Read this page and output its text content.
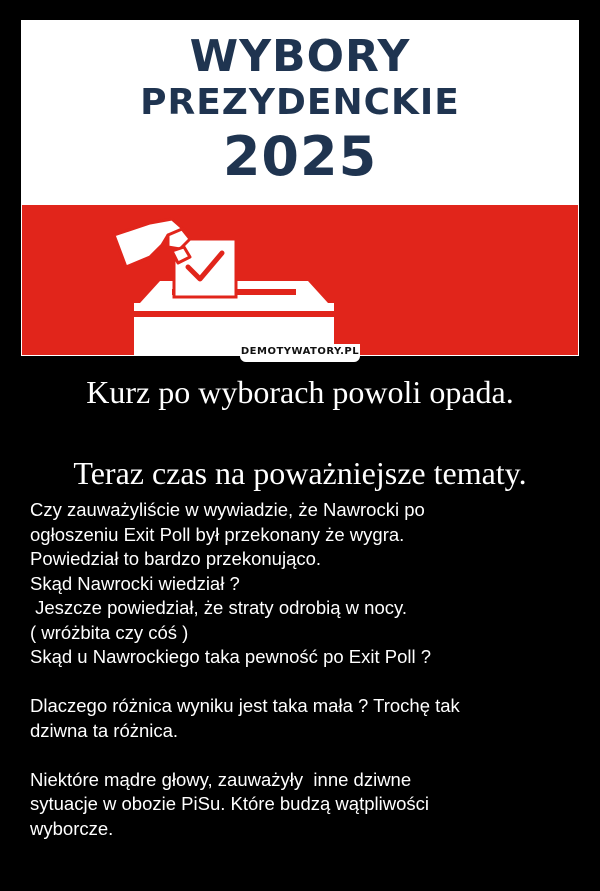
WYBORY
PREZYDENCKIE
2025
DEMOTYWATORY.PL
Kurz po wyborach powoli opada.
Teraz czas na poważniejsze tematy.
Czy zauważyliście w wywiadzie, że Nawrocki po
ogłoszeniu Exit Poll był przekonany że wygra.
Powiedział to bardzo przekonująco.
Skąd Nawrocki wiedział ?
Jeszcze powiedział, że straty odrobią w nocy.
( wróżbita czy cóś )
Skąd u Nawrockiego taka pewność po Exit Poll ?
Dlaczego różnica wyniku jest taka mała ? Trochę tak
dziwna ta różnica.
Niektóre mądre głowy, zauważyły  inne dziwne
sytuacje w obozie PiSu. Które budzą wątpliwości
wyborcze.
